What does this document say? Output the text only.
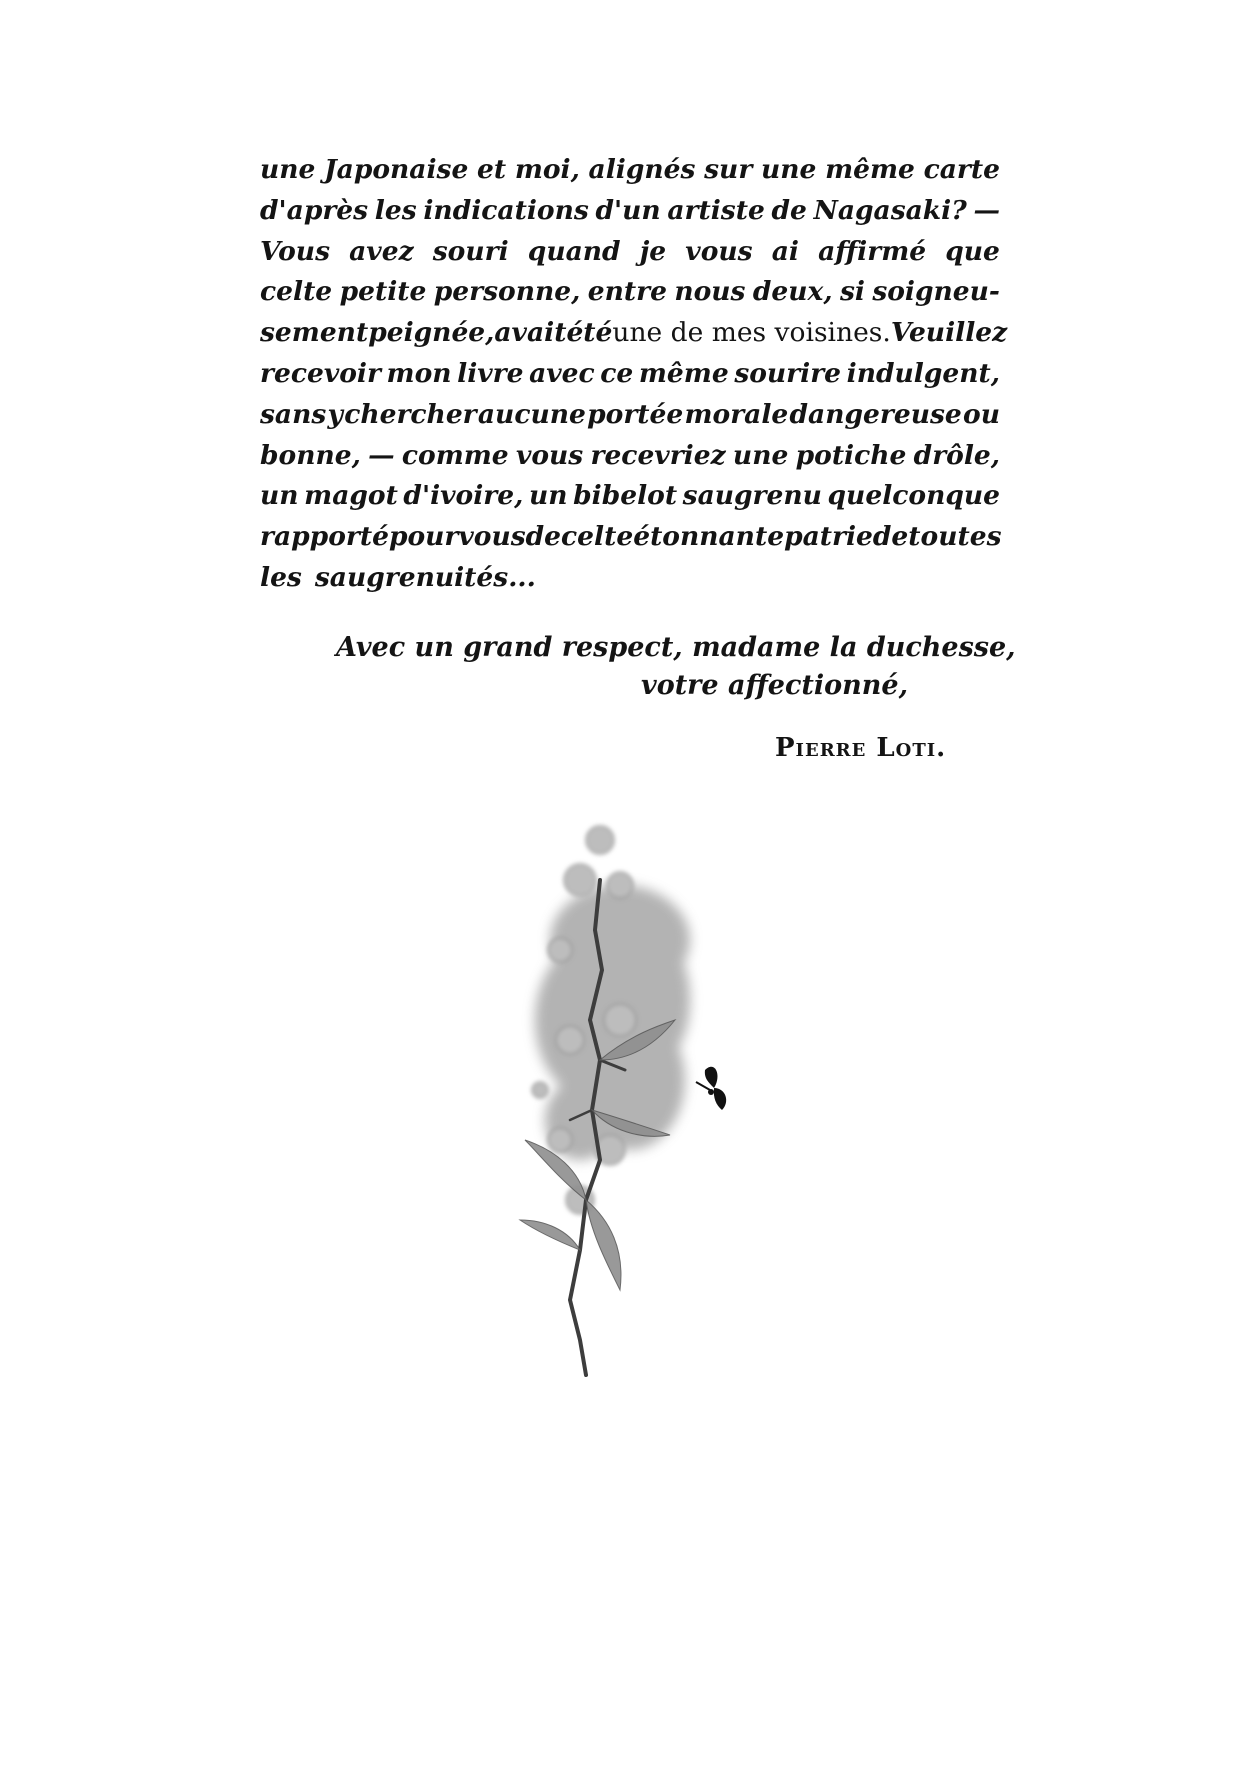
une Japonaise et moi, alignés sur une même carte
d'après les indications d'un artiste de Nagasaki? —
Vous avez souri quand je vous ai affirmé que
celte petite personne, entre nous deux, si soigneu-
sement peignée, avait été une de mes voisines. Veuillez
recevoir mon livre avec ce même sourire indulgent,
sans y chercher aucune portée morale dangereuse ou
bonne, — comme vous recevriez une potiche drôle,
un magot d'ivoire, un bibelot saugrenu quelconque
rapporté pour vous de celte étonnante patrie de toutes
les saugrenuités...

Avec un grand respect, madame la duchesse,

votre affectionné,

Pierre Loti.
